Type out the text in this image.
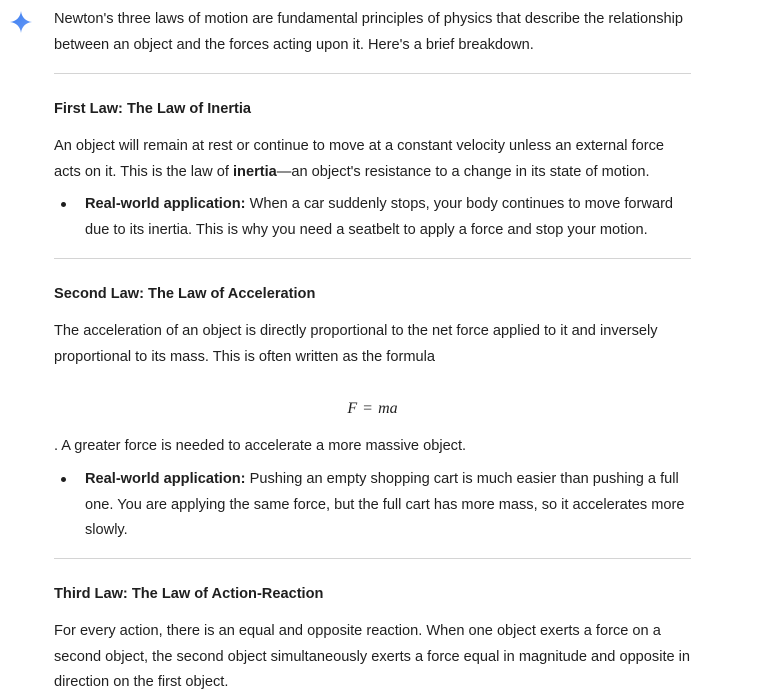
Newton's three laws of motion are fundamental principles of physics that describe the relationship between an object and the forces acting upon it. Here's a brief breakdown.

First Law: The Law of Inertia

An object will remain at rest or continue to move at a constant velocity unless an external force acts on it. This is the law of inertia—an object's resistance to a change in its state of motion.

Real-world application: When a car suddenly stops, your body continues to move forward due to its inertia. This is why you need a seatbelt to apply a force and stop your motion.
Second Law: The Law of Acceleration

The acceleration of an object is directly proportional to the net force applied to it and inversely proportional to its mass. This is often written as the formula

F = ma

. A greater force is needed to accelerate a more massive object.

Real-world application: Pushing an empty shopping cart is much easier than pushing a full one. You are applying the same force, but the full cart has more mass, so it accelerates more slowly.
Third Law: The Law of Action-Reaction

For every action, there is an equal and opposite reaction. When one object exerts a force on a second object, the second object simultaneously exerts a force equal in magnitude and opposite in direction on the first object.
